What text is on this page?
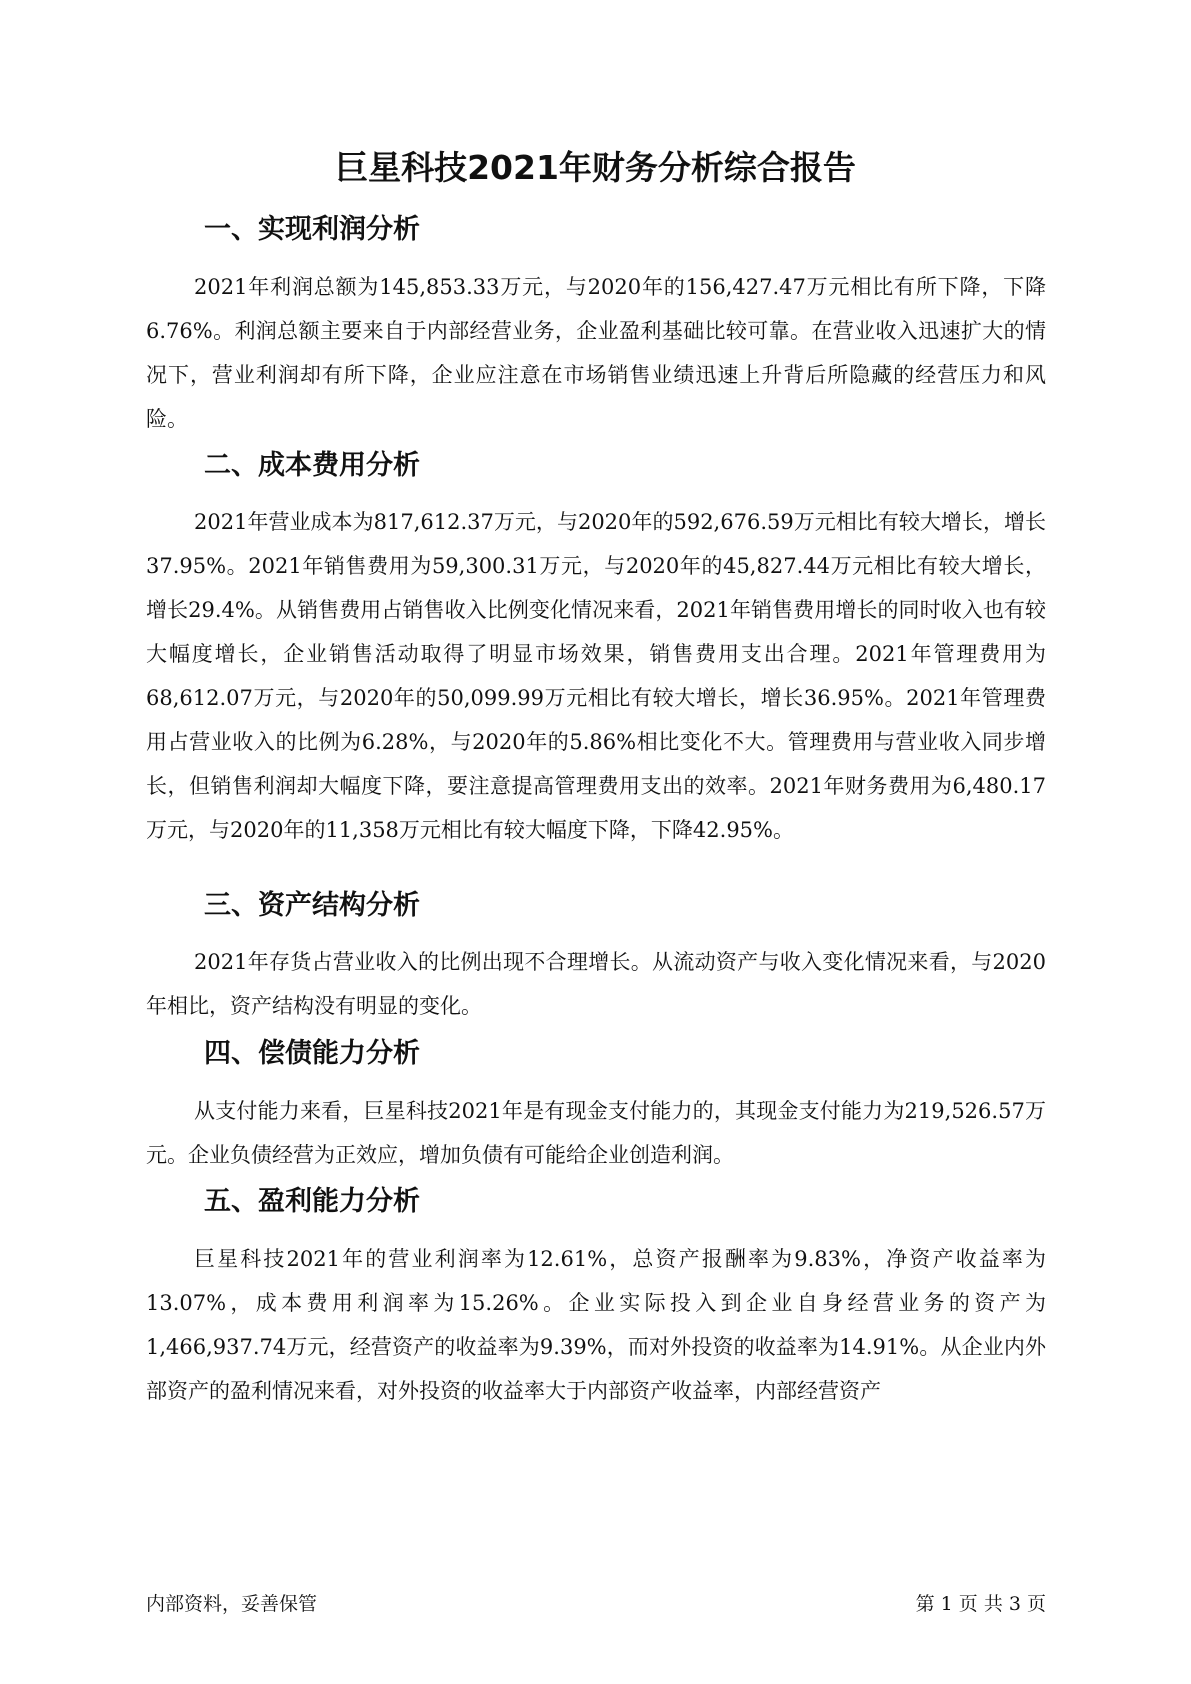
巨星科技2021年财务分析综合报告
一、实现利润分析
2021年利润总额为145,853.33万元，与2020年的156,427.47万元相比有所下降，下降6.76%。利润总额主要来自于内部经营业务，企业盈利基础比较可靠。在营业收入迅速扩大的情况下，营业利润却有所下降，企业应注意在市场销售业绩迅速上升背后所隐藏的经营压力和风险。
二、成本费用分析
2021年营业成本为817,612.37万元，与2020年的592,676.59万元相比有较大增长，增长37.95%。2021年销售费用为59,300.31万元，与2020年的45,827.44万元相比有较大增长，增长29.4%。从销售费用占销售收入比例变化情况来看，2021年销售费用增长的同时收入也有较大幅度增长，企业销售活动取得了明显市场效果，销售费用支出合理。2021年管理费用为68,612.07万元，与2020年的50,099.99万元相比有较大增长，增长36.95%。2021年管理费用占营业收入的比例为6.28%，与2020年的5.86%相比变化不大。管理费用与营业收入同步增长，但销售利润却大幅度下降，要注意提高管理费用支出的效率。2021年财务费用为6,480.17万元，与2020年的11,358万元相比有较大幅度下降，下降42.95%。
三、资产结构分析
2021年存货占营业收入的比例出现不合理增长。从流动资产与收入变化情况来看，与2020年相比，资产结构没有明显的变化。
四、偿债能力分析
从支付能力来看，巨星科技2021年是有现金支付能力的，其现金支付能力为219,526.57万元。企业负债经营为正效应，增加负债有可能给企业创造利润。
五、盈利能力分析
巨星科技2021年的营业利润率为12.61%，总资产报酬率为9.83%，净资产收益率为13.07%，成本费用利润率为15.26%。企业实际投入到企业自身经营业务的资产为1,466,937.74万元，经营资产的收益率为9.39%，而对外投资的收益率为14.91%。从企业内外部资产的盈利情况来看，对外投资的收益率大于内部资产收益率，内部经营资产
内部资料，妥善保管	第 1 页 共 3 页
